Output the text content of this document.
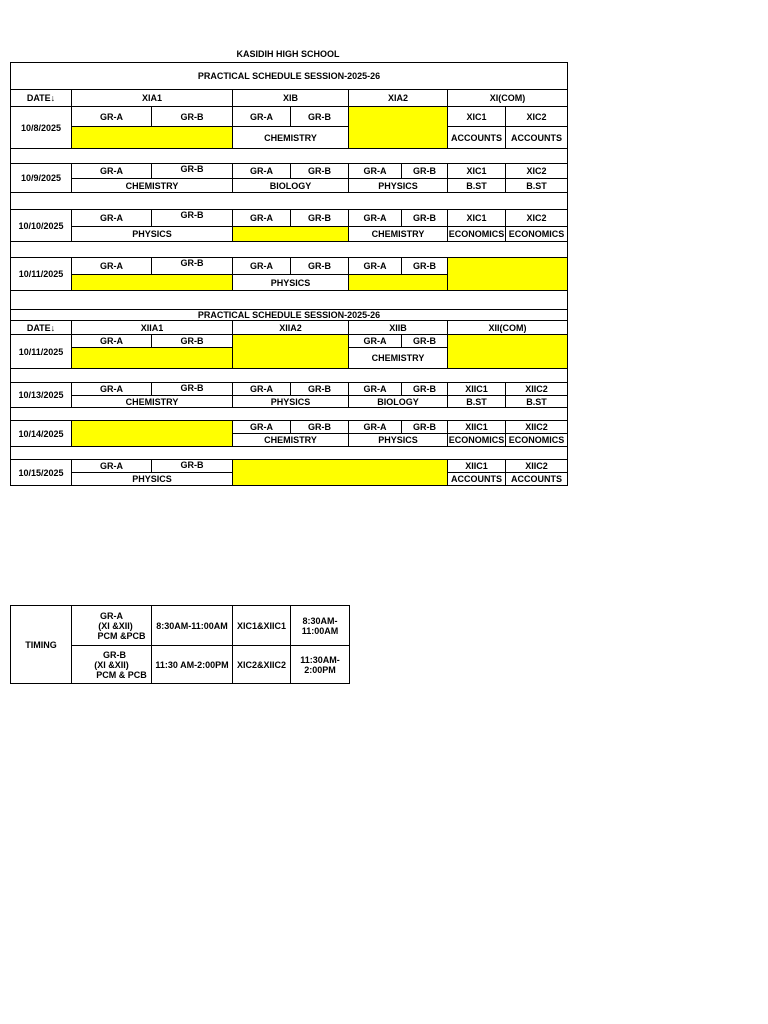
KASIDIH HIGH SCHOOL
PRACTICAL SCHEDULE SESSION-2025-26								
DATE↓	XIA1		XIB		XIA2		XI(COM)	
10/8/2025	GR-A	GR-B	GR-A	GR-B			XIC1	XIC2
			CHEMISTRY				ACCOUNTS	ACCOUNTS

10/9/2025	GR-A	GR-B	GR-A	GR-B	GR-A	GR-B	XIC1	XIC2
	CHEMISTRY		BIOLOGY		PHYSICS		B.ST	B.ST

10/10/2025	GR-A	GR-B	GR-A	GR-B	GR-A	GR-B	XIC1	XIC2
	PHYSICS				CHEMISTRY		ECONOMICS	ECONOMICS

10/11/2025	GR-A	GR-B	GR-A	GR-B	GR-A	GR-B		
			PHYSICS					

PRACTICAL SCHEDULE SESSION-2025-26								
DATE↓	XIIA1		XIIA2		XIIB		XII(COM)	
10/11/2025	GR-A	GR-B			GR-A	GR-B		
					CHEMISTRY			

10/13/2025	GR-A	GR-B	GR-A	GR-B	GR-A	GR-B	XIIC1	XIIC2
	CHEMISTRY		PHYSICS		BIOLOGY		B.ST	B.ST

10/14/2025			GR-A	GR-B	GR-A	GR-B	XIIC1	XIIC2
			CHEMISTRY		PHYSICS		ECONOMICS	ECONOMICS

10/15/2025	GR-A	GR-B					XIIC1	XIIC2
	PHYSICS						ACCOUNTS	ACCOUNTS
TIMING	GR-A
(XI &XII)
PCM &PCB	8:30AM-11:00AM	XIC1&XIIC1	8:30AM-11:00AM

	GR-B
(XI &XII)
PCM & PCB	11:30 AM-2:00PM	XIC2&XIIC2	11:30AM-2:00PM
